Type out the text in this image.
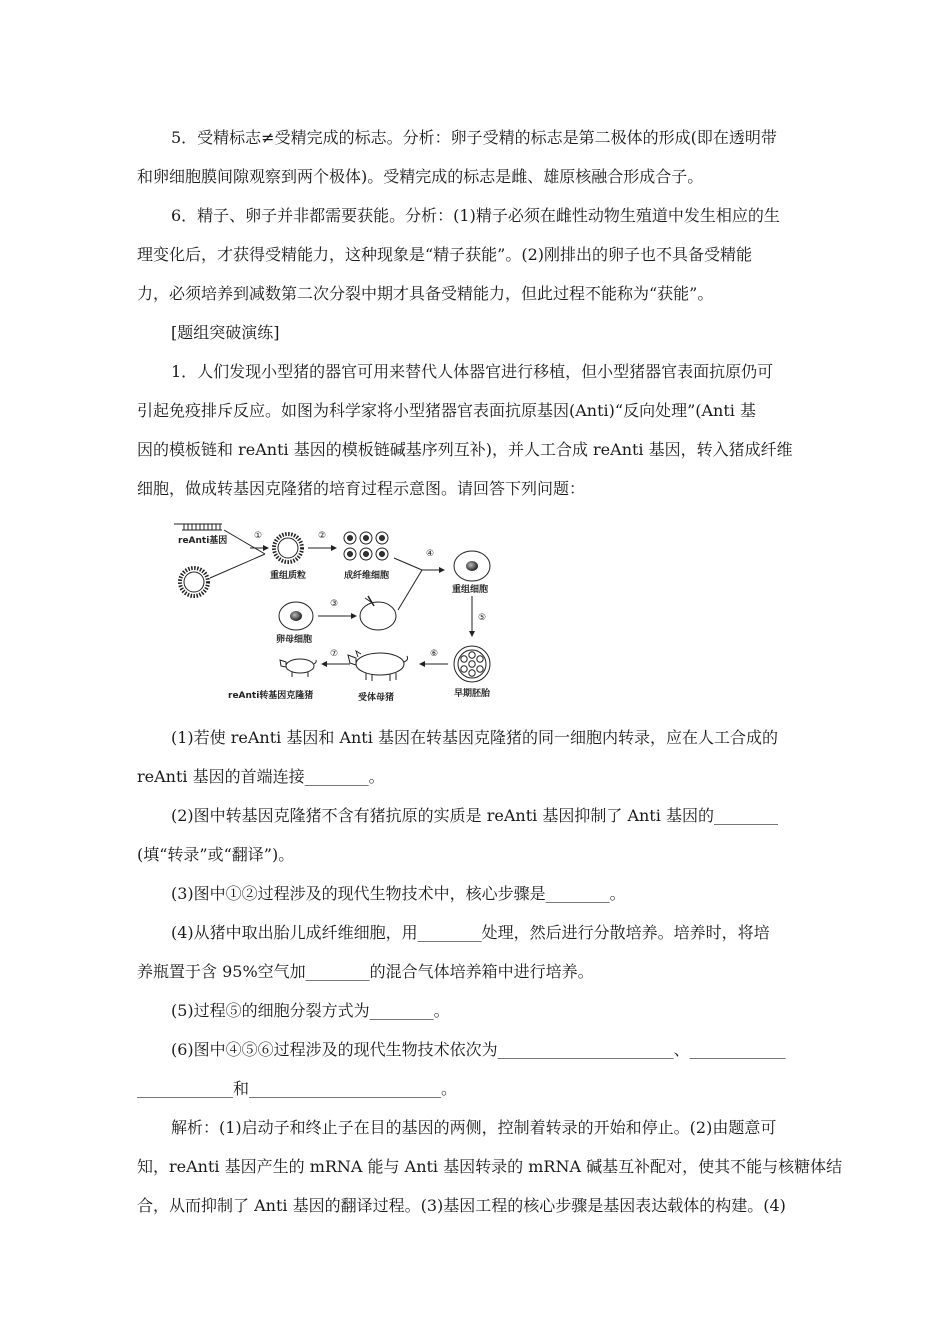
5．受精标志≠受精完成的标志。分析：卵子受精的标志是第二极体的形成(即在透明带
和卵细胞膜间隙观察到两个极体)。受精完成的标志是雌、雄原核融合形成合子。
6．精子、卵子并非都需要获能。分析：(1)精子必须在雌性动物生殖道中发生相应的生
理变化后，才获得受精能力，这种现象是“精子获能”。(2)刚排出的卵子也不具备受精能
力，必须培养到减数第二次分裂中期才具备受精能力，但此过程不能称为“获能”。
[题组突破演练]
1．人们发现小型猪的器官可用来替代人体器官进行移植，但小型猪器官表面抗原仍可
引起免疫排斥反应。如图为科学家将小型猪器官表面抗原基因(Anti)“反向处理”(Anti 基
因的模板链和 reAnti 基因的模板链碱基序列互补)，并人工合成 reAnti 基因，转入猪成纤维
细胞，做成转基因克隆猪的培育过程示意图。请回答下列问题：
reAnti基因	①
重组质粒
②
成纤维细胞
④
重组细胞
卵母细胞
③
⑤
早期胚胎
⑥
受体母猪
⑦
reAnti转基因克隆猪
(1)若使 reAnti 基因和 Anti 基因在转基因克隆猪的同一细胞内转录，应在人工合成的
reAnti 基因的首端连接________。
(2)图中转基因克隆猪不含有猪抗原的实质是 reAnti 基因抑制了 Anti 基因的________
(填“转录”或“翻译”)。
(3)图中①②过程涉及的现代生物技术中，核心步骤是________。
(4)从猪中取出胎儿成纤维细胞，用________处理，然后进行分散培养。培养时，将培
养瓶置于含 95%空气加________的混合气体培养箱中进行培养。
(5)过程⑤的细胞分裂方式为________。
(6)图中④⑤⑥过程涉及的现代生物技术依次为______________________、____________
____________和________________________。
解析：(1)启动子和终止子在目的基因的两侧，控制着转录的开始和停止。(2)由题意可
知，reAnti 基因产生的 mRNA 能与 Anti 基因转录的 mRNA 碱基互补配对，使其不能与核糖体结
合，从而抑制了 Anti 基因的翻译过程。(3)基因工程的核心步骤是基因表达载体的构建。(4)
